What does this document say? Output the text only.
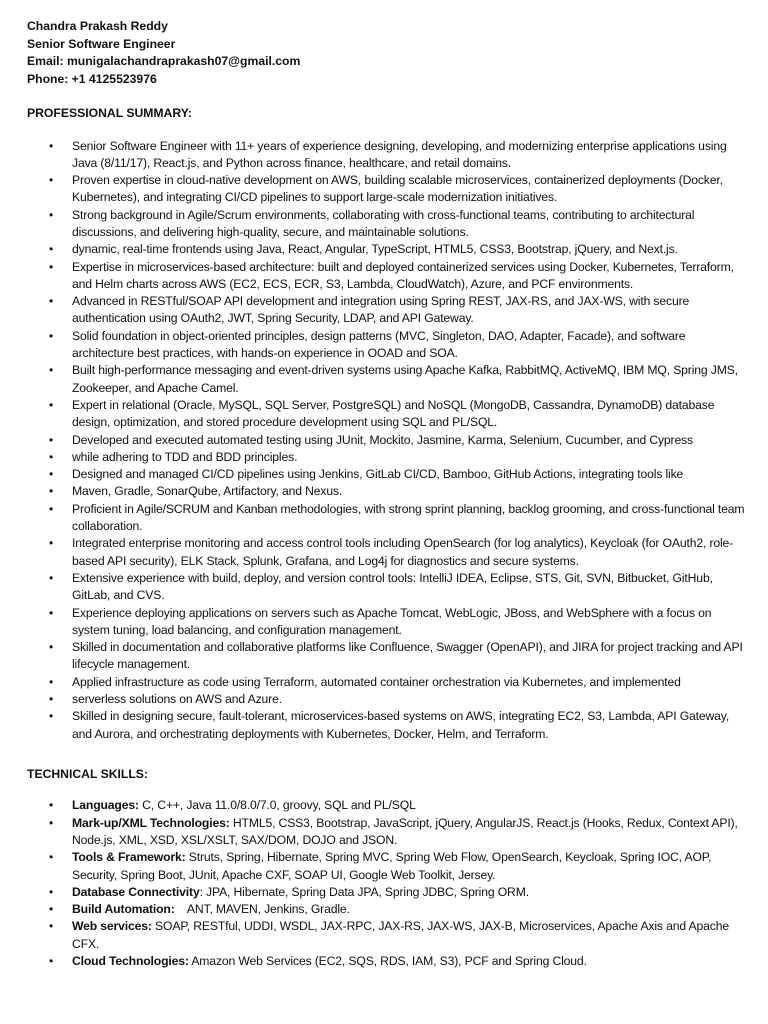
Chandra Prakash Reddy
Senior Software Engineer
Email: munigalachandraprakash07@gmail.com
Phone: +1 4125523976
PROFESSIONAL SUMMARY:
• Senior Software Engineer with 11+ years of experience designing, developing, and modernizing enterprise applications using Java (8/11/17), React.js, and Python across finance, healthcare, and retail domains.
• Proven expertise in cloud-native development on AWS, building scalable microservices, containerized deployments (Docker, Kubernetes), and integrating CI/CD pipelines to support large-scale modernization initiatives.
• Strong background in Agile/Scrum environments, collaborating with cross-functional teams, contributing to architectural discussions, and delivering high-quality, secure, and maintainable solutions.
• dynamic, real-time frontends using Java, React, Angular, TypeScript, HTML5, CSS3, Bootstrap, jQuery, and Next.js.
• Expertise in microservices-based architecture: built and deployed containerized services using Docker, Kubernetes, Terraform, and Helm charts across AWS (EC2, ECS, ECR, S3, Lambda, CloudWatch), Azure, and PCF environments.
• Advanced in RESTful/SOAP API development and integration using Spring REST, JAX-RS, and JAX-WS, with secure authentication using OAuth2, JWT, Spring Security, LDAP, and API Gateway.
• Solid foundation in object-oriented principles, design patterns (MVC, Singleton, DAO, Adapter, Facade), and software architecture best practices, with hands-on experience in OOAD and SOA.
• Built high-performance messaging and event-driven systems using Apache Kafka, RabbitMQ, ActiveMQ, IBM MQ, Spring JMS, Zookeeper, and Apache Camel.
• Expert in relational (Oracle, MySQL, SQL Server, PostgreSQL) and NoSQL (MongoDB, Cassandra, DynamoDB) database design, optimization, and stored procedure development using SQL and PL/SQL.
• Developed and executed automated testing using JUnit, Mockito, Jasmine, Karma, Selenium, Cucumber, and Cypress
• while adhering to TDD and BDD principles.
• Designed and managed CI/CD pipelines using Jenkins, GitLab CI/CD, Bamboo, GitHub Actions, integrating tools like
• Maven, Gradle, SonarQube, Artifactory, and Nexus.
• Proficient in Agile/SCRUM and Kanban methodologies, with strong sprint planning, backlog grooming, and cross-functional team collaboration.
• Integrated enterprise monitoring and access control tools including OpenSearch (for log analytics), Keycloak (for OAuth2, role-based API security), ELK Stack, Splunk, Grafana, and Log4j for diagnostics and secure systems.
• Extensive experience with build, deploy, and version control tools: IntelliJ IDEA, Eclipse, STS, Git, SVN, Bitbucket, GitHub, GitLab, and CVS.
• Experience deploying applications on servers such as Apache Tomcat, WebLogic, JBoss, and WebSphere with a focus on system tuning, load balancing, and configuration management.
• Skilled in documentation and collaborative platforms like Confluence, Swagger (OpenAPI), and JIRA for project tracking and API lifecycle management.
• Applied infrastructure as code using Terraform, automated container orchestration via Kubernetes, and implemented
• serverless solutions on AWS and Azure.
• Skilled in designing secure, fault-tolerant, microservices-based systems on AWS, integrating EC2, S3, Lambda, API Gateway, and Aurora, and orchestrating deployments with Kubernetes, Docker, Helm, and Terraform.
TECHNICAL SKILLS:
• Languages: C, C++, Java 11.0/8.0/7.0, groovy, SQL and PL/SQL
• Mark-up/XML Technologies: HTML5, CSS3, Bootstrap, JavaScript, jQuery, AngularJS, React.js (Hooks, Redux, Context API), Node.js, XML, XSD, XSL/XSLT, SAX/DOM, DOJO and JSON.
• Tools & Framework: Struts, Spring, Hibernate, Spring MVC, Spring Web Flow, OpenSearch, Keycloak, Spring IOC, AOP, Security, Spring Boot, JUnit, Apache CXF, SOAP UI, Google Web Toolkit, Jersey.
• Database Connectivity: JPA, Hibernate, Spring Data JPA, Spring JDBC, Spring ORM.
• Build Automation:    ANT, MAVEN, Jenkins, Gradle.
• Web services: SOAP, RESTful, UDDI, WSDL, JAX-RPC, JAX-RS, JAX-WS, JAX-B, Microservices, Apache Axis and Apache CFX.
• Cloud Technologies: Amazon Web Services (EC2, SQS, RDS, IAM, S3), PCF and Spring Cloud.
